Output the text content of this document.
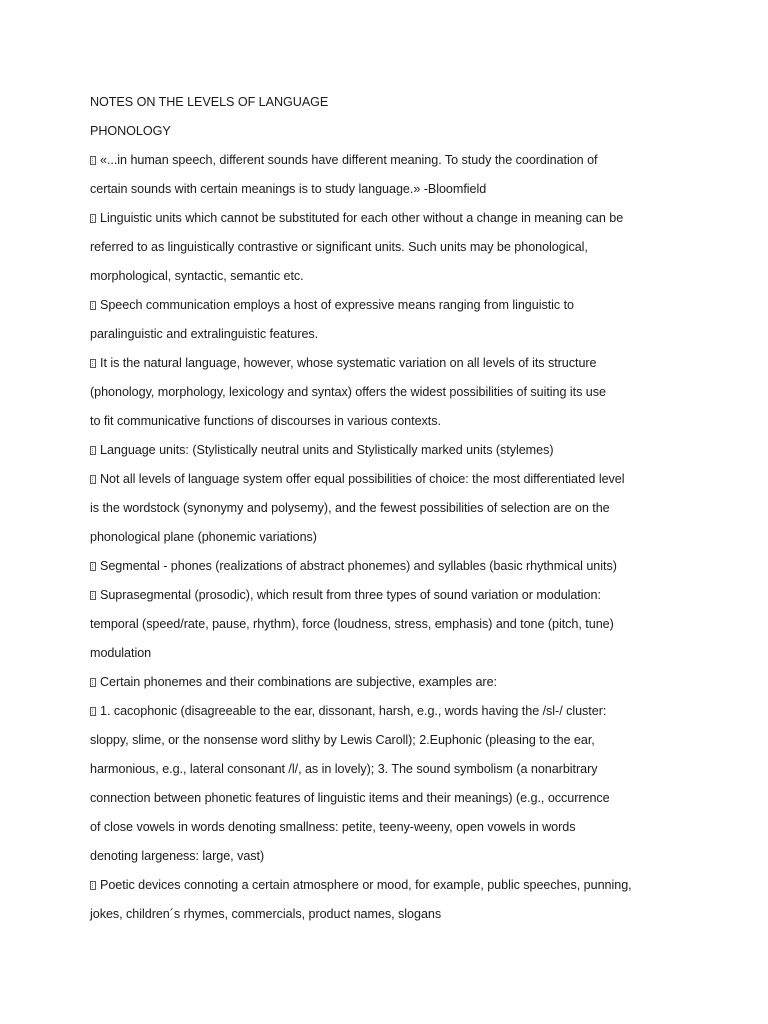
NOTES ON THE LEVELS OF LANGUAGE
PHONOLOGY
«...in human speech, different sounds have different meaning. To study the coordination of
certain sounds with certain meanings is to study language.» -Bloomfield
Linguistic units which cannot be substituted for each other without a change in meaning can be
referred to as linguistically contrastive or significant units. Such units may be phonological,
morphological, syntactic, semantic etc.
Speech communication employs a host of expressive means ranging from linguistic to
paralinguistic and extralinguistic features.
It is the natural language, however, whose systematic variation on all levels of its structure
(phonology, morphology, lexicology and syntax) offers the widest possibilities of suiting its use
to fit communicative functions of discourses in various contexts.
Language units: (Stylistically neutral units and Stylistically marked units (stylemes)
Not all levels of language system offer equal possibilities of choice: the most differentiated level
is the wordstock (synonymy and polysemy), and the fewest possibilities of selection are on the
phonological plane (phonemic variations)
Segmental - phones (realizations of abstract phonemes) and syllables (basic rhythmical units)
Suprasegmental (prosodic), which result from three types of sound variation or modulation:
temporal (speed/rate, pause, rhythm), force (loudness, stress, emphasis) and tone (pitch, tune)
modulation
Certain phonemes and their combinations are subjective, examples are:
1. cacophonic (disagreeable to the ear, dissonant, harsh, e.g., words having the /sl-/ cluster:
sloppy, slime, or the nonsense word slithy by Lewis Caroll); 2.Euphonic (pleasing to the ear,
harmonious, e.g., lateral consonant /l/, as in lovely); 3. The sound symbolism (a nonarbitrary
connection between phonetic features of linguistic items and their meanings) (e.g., occurrence
of close vowels in words denoting smallness: petite, teeny-weeny, open vowels in words
denoting largeness: large, vast)
Poetic devices connoting a certain atmosphere or mood, for example, public speeches, punning,
jokes, children´s rhymes, commercials, product names, slogans
